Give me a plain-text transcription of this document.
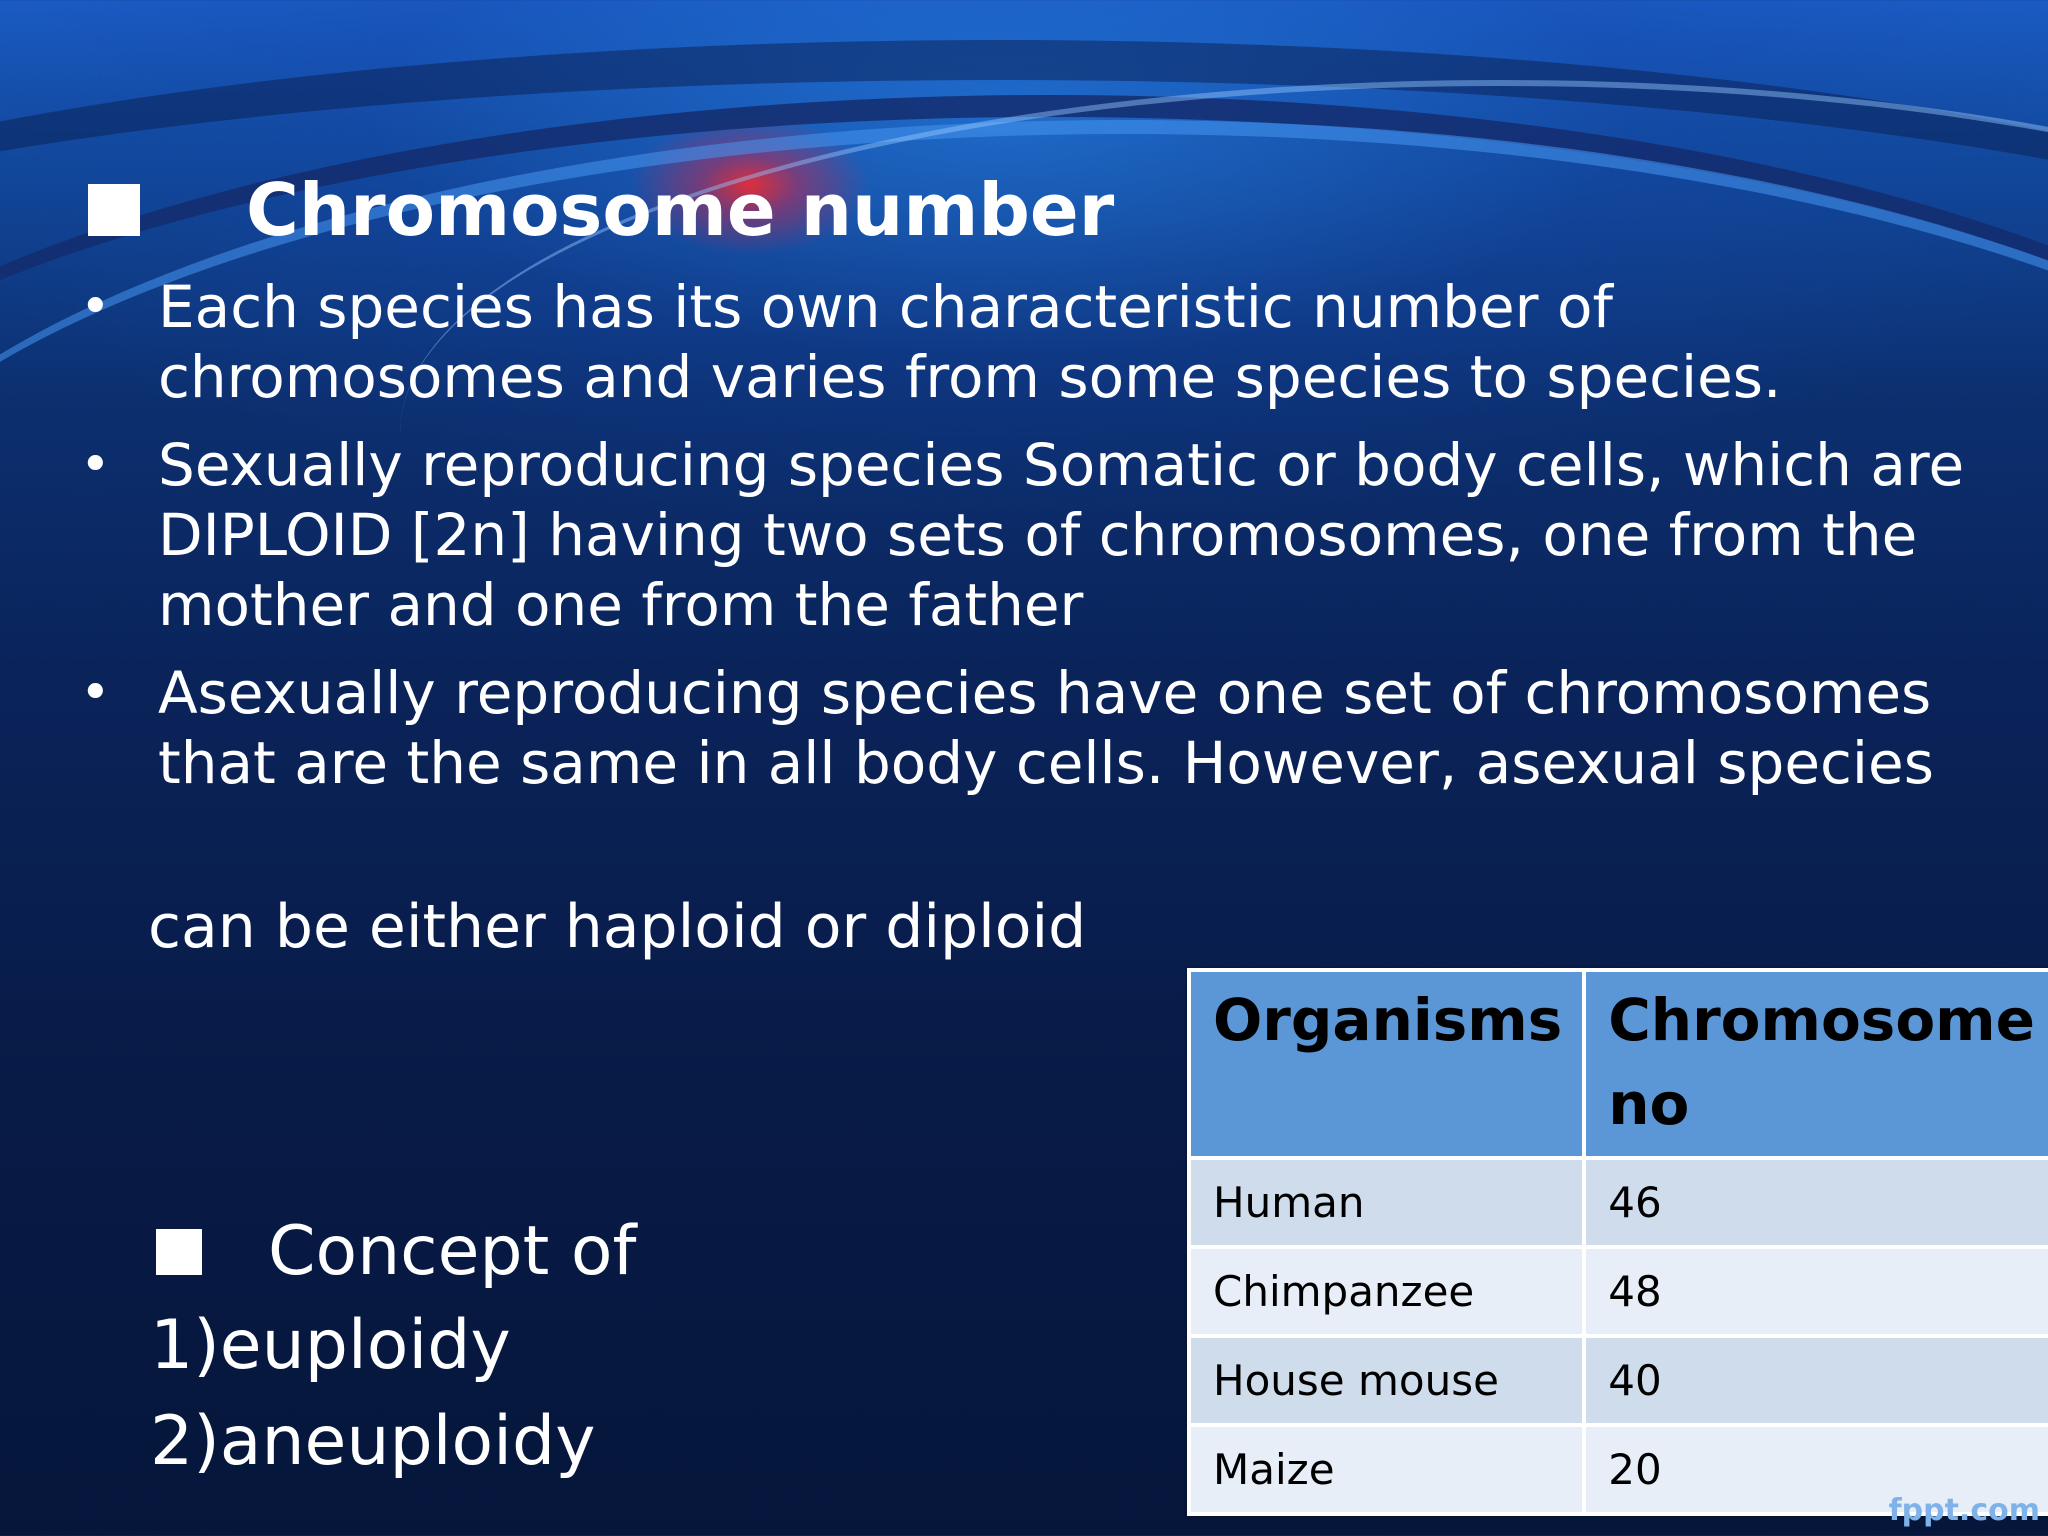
Chromosome number
• Each species has its own characteristic number of chromosomes and varies from some species to species.
• Sexually reproducing species Somatic or body cells, which are DIPLOID [2n] having two sets of chromosomes, one from the mother and one from the father
• Asexually reproducing species have one set of chromosomes that are the same in all body cells. However, asexual species
can be either haploid or diploid
Organisms	Chromosome no
Human	46
Chimpanzee	48
House mouse	40
Maize	20
Concept of
1)euploidy
2)aneuploidy
fppt.com
